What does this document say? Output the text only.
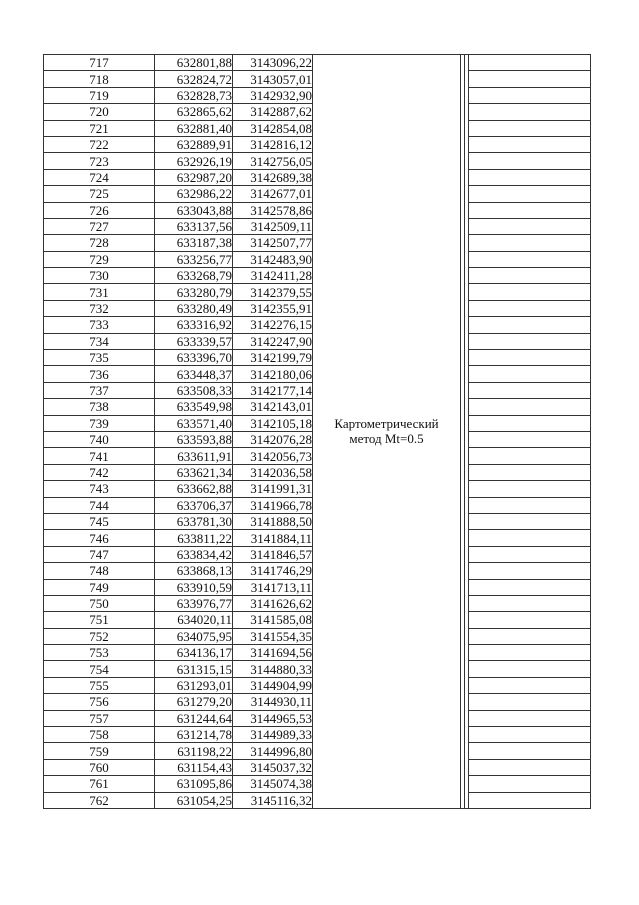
717	632801,88	3143096,22	Картометрический
метод Mt=0.5			
718	632824,72	3143057,01				
719	632828,73	3142932,90				
720	632865,62	3142887,62				
721	632881,40	3142854,08				
722	632889,91	3142816,12				
723	632926,19	3142756,05				
724	632987,20	3142689,38				
725	632986,22	3142677,01				
726	633043,88	3142578,86				
727	633137,56	3142509,11				
728	633187,38	3142507,77				
729	633256,77	3142483,90				
730	633268,79	3142411,28				
731	633280,79	3142379,55				
732	633280,49	3142355,91				
733	633316,92	3142276,15				
734	633339,57	3142247,90				
735	633396,70	3142199,79				
736	633448,37	3142180,06				
737	633508,33	3142177,14				
738	633549,98	3142143,01				
739	633571,40	3142105,18				
740	633593,88	3142076,28				
741	633611,91	3142056,73				
742	633621,34	3142036,58				
743	633662,88	3141991,31				
744	633706,37	3141966,78				
745	633781,30	3141888,50				
746	633811,22	3141884,11				
747	633834,42	3141846,57				
748	633868,13	3141746,29				
749	633910,59	3141713,11				
750	633976,77	3141626,62				
751	634020,11	3141585,08				
752	634075,95	3141554,35				
753	634136,17	3141694,56				
754	631315,15	3144880,33				
755	631293,01	3144904,99				
756	631279,20	3144930,11				
757	631244,64	3144965,53				
758	631214,78	3144989,33				
759	631198,22	3144996,80				
760	631154,43	3145037,32				
761	631095,86	3145074,38				
762	631054,25	3145116,32				
